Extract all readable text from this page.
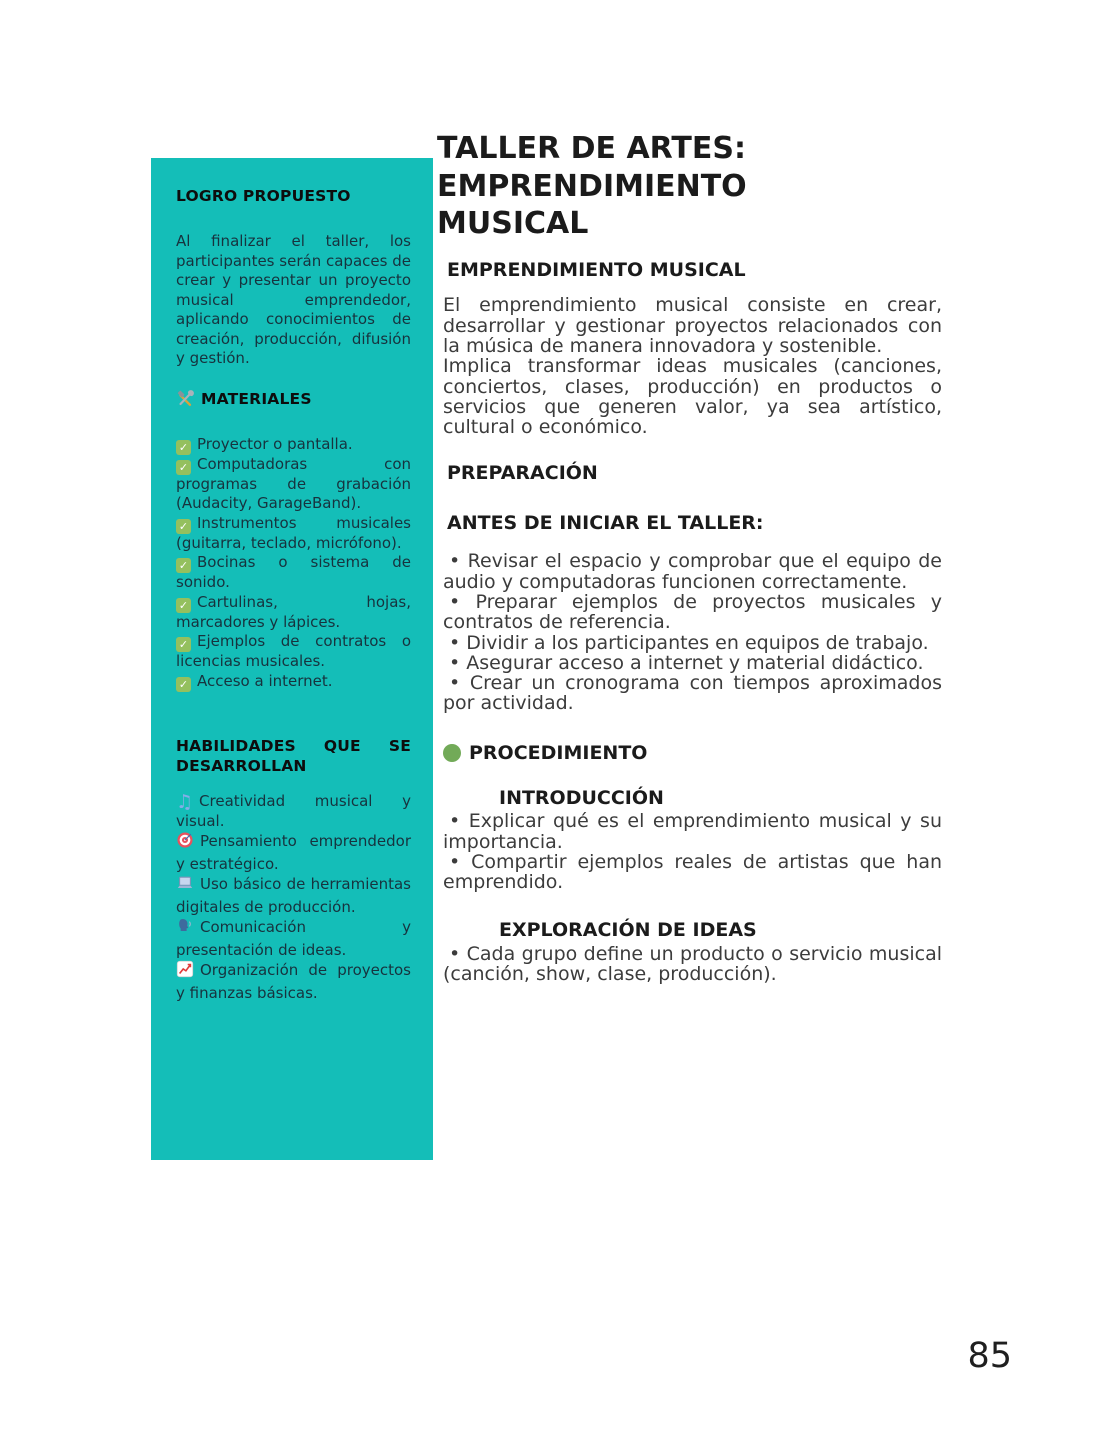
LOGRO PROPUESTO

Al finalizar el taller, los participantes serán capaces de crear y presentar un proyecto musical emprendedor, aplicando conocimientos de creación, producción, difusión y gestión.

MATERIALES
✓ Proyector o pantalla.
✓ Computadoras con programas de grabación (Audacity, GarageBand).
✓ Instrumentos musicales (guitarra, teclado, micrófono).
✓ Bocinas o sistema de sonido.
✓ Cartulinas, hojas, marcadores y lápices.
✓ Ejemplos de contratos o licencias musicales.
✓ Acceso a internet.
HABILIDADES QUE SE DESARROLLAN
♫ Creatividad musical y visual.
Pensamiento emprendedor y estratégico.
Uso básico de herramientas digitales de producción.
Comunicación y presentación de ideas.
Organización de proyectos y finanzas básicas.
TALLER DE ARTES: EMPRENDIMIENTO MUSICAL
EMPRENDIMIENTO MUSICAL

El emprendimiento musical consiste en crear, desarrollar y gestionar proyectos relacionados con la música de manera innovadora y sostenible.

Implica transformar ideas musicales (canciones, conciertos, clases, producción) en productos o servicios que generen valor, ya sea artístico, cultural o económico.

PREPARACIÓN
ANTES DE INICIAR EL TALLER:

• Revisar el espacio y comprobar que el equipo de audio y computadoras funcionen correctamente.

• Preparar ejemplos de proyectos musicales y contratos de referencia.

• Dividir a los participantes en equipos de trabajo.

• Asegurar acceso a internet y material didáctico.

• Crear un cronograma con tiempos aproximados por actividad.

PROCEDIMIENTO
INTRODUCCIÓN

• Explicar qué es el emprendimiento musical y su importancia.

• Compartir ejemplos reales de artistas que han emprendido.

EXPLORACIÓN DE IDEAS

• Cada grupo define un producto o servicio musical (canción, show, clase, producción).

85
